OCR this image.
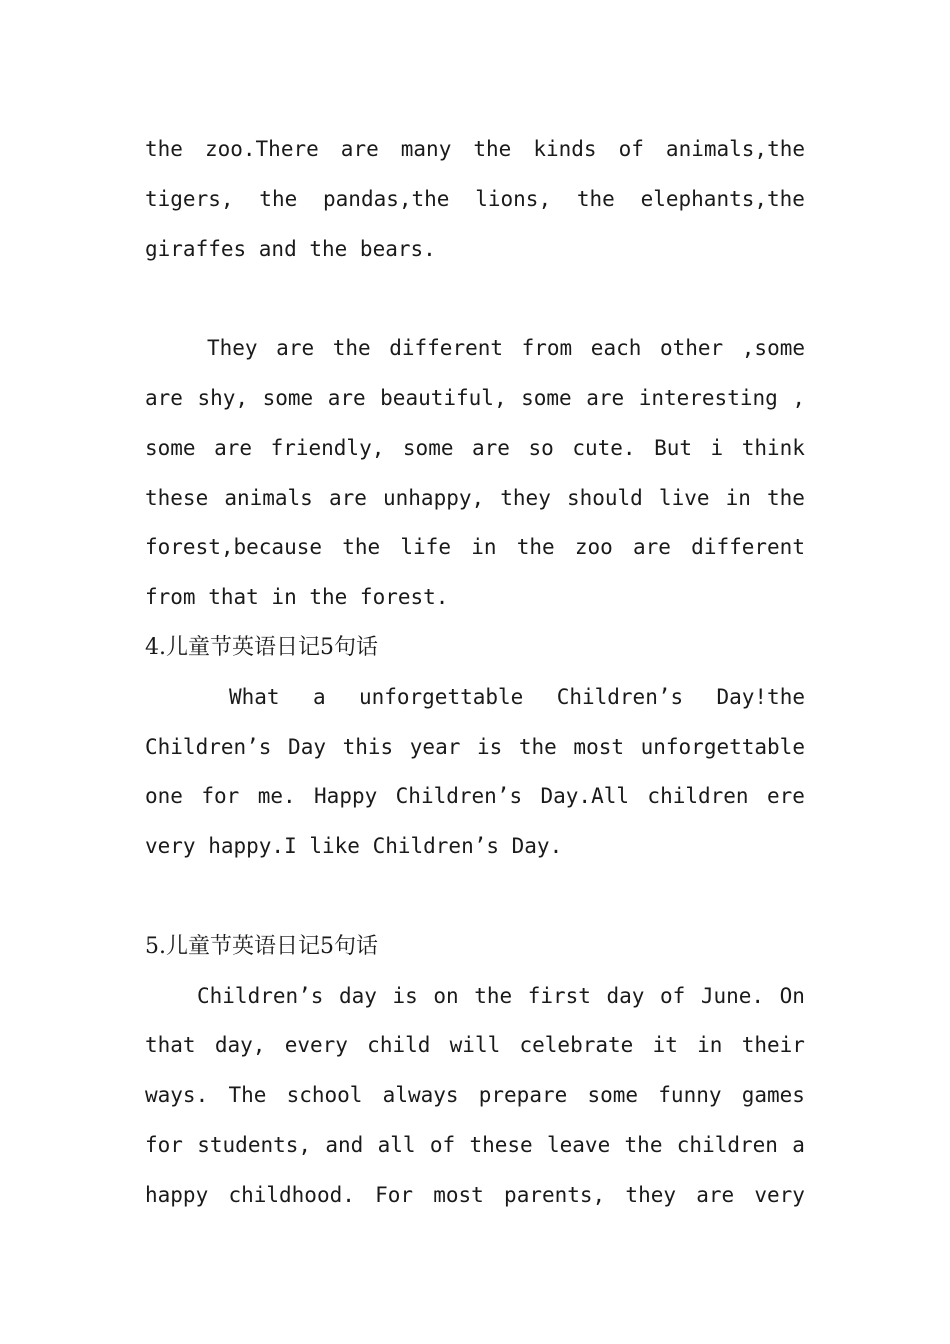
the zoo.There are many the kinds of animals,the
tigers, the pandas,the lions, the elephants,the
giraffes and the bears.
They are the different from each other ,some
are shy, some are beautiful, some are interesting ,
some are friendly, some are so cute. But i think
these animals are unhappy, they should live in the
forest,because the life in the zoo are different
from that in the forest.
4.儿童节英语日记5句话
What a unforgettable Children’s Day!the
Children’s Day this year is the most unforgettable
one for me. Happy Children’s Day.All children ere
very happy.I like Children’s Day.
5.儿童节英语日记5句话
Children’s day is on the first day of June. On
that day, every child will celebrate it in their
ways. The school always prepare some funny games
for students, and all of these leave the children a
happy childhood. For most parents, they are very
